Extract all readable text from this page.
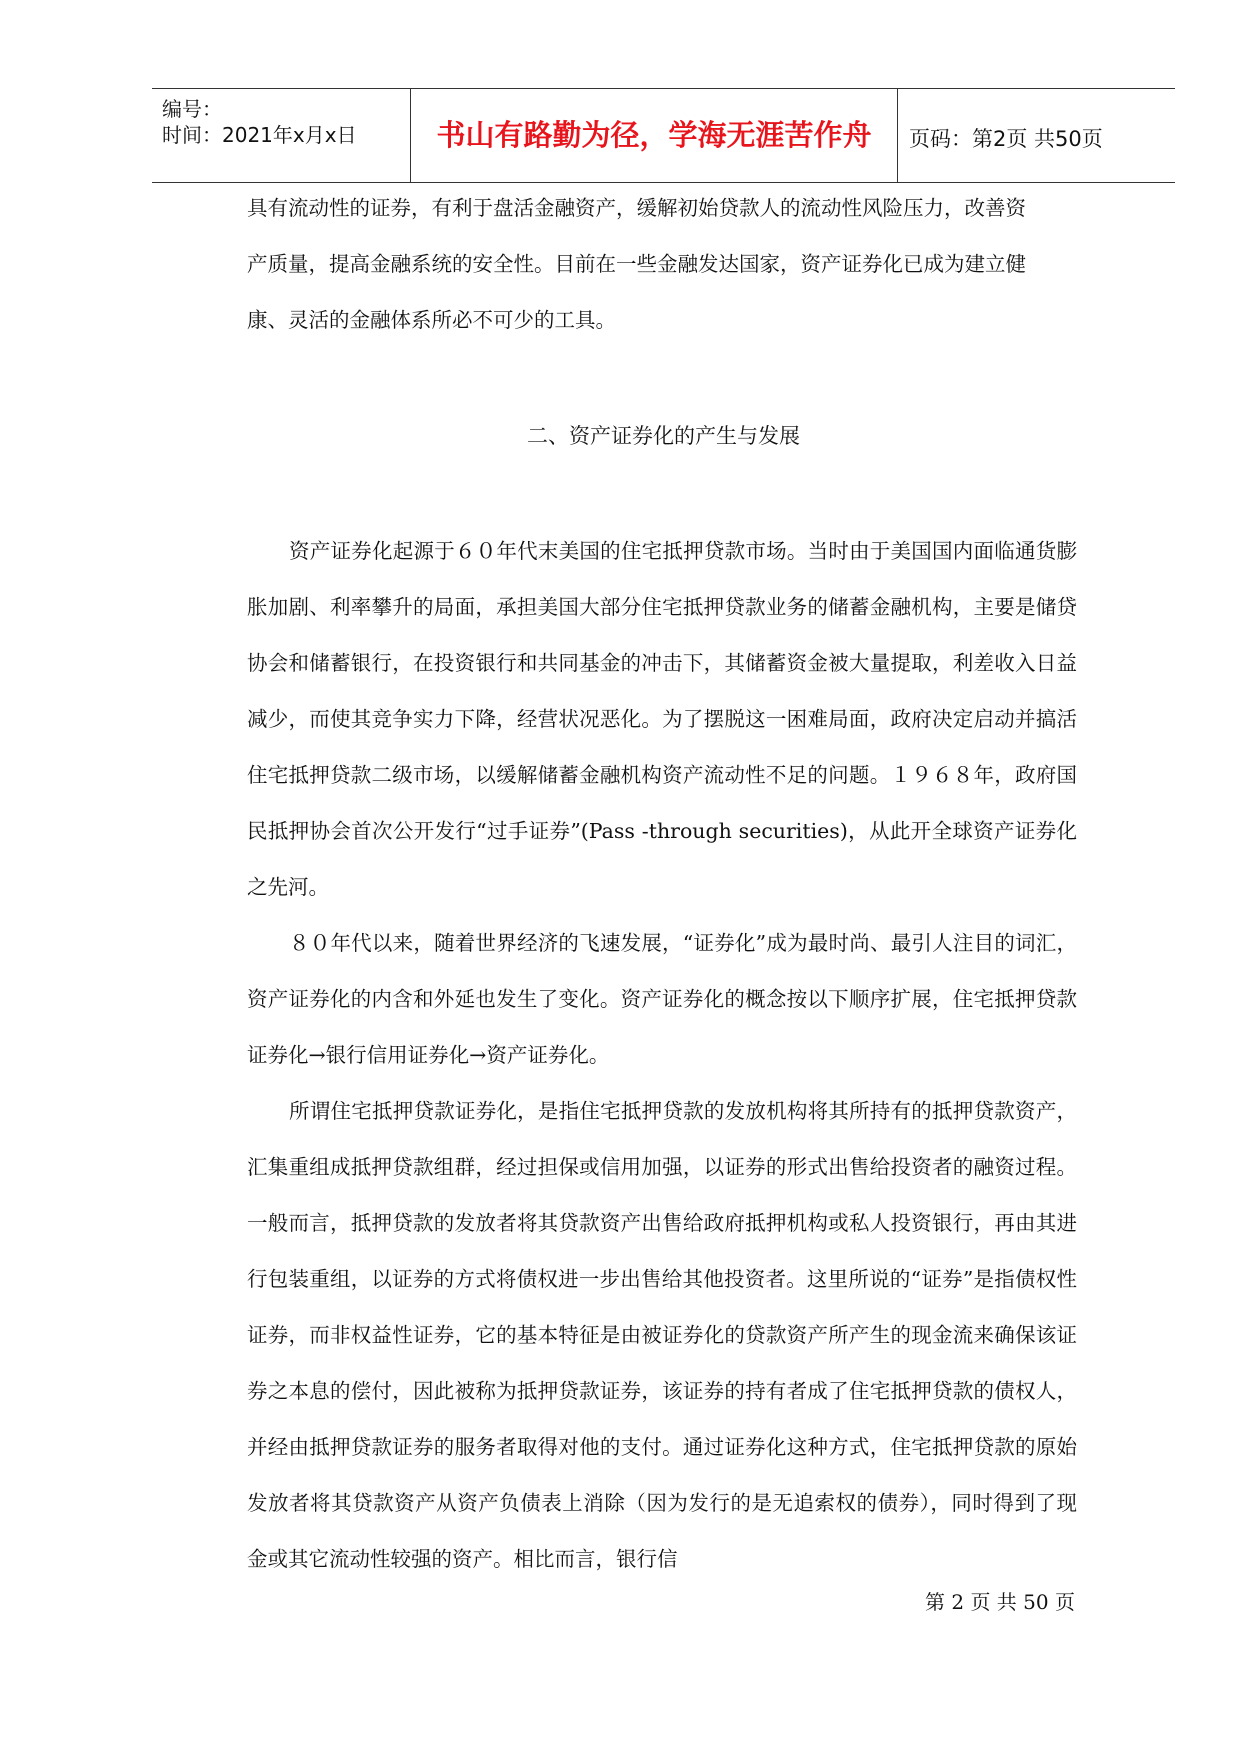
编号：
时间：2021年x月x日	书山有路勤为径，学海无涯苦作舟	页码：第2页 共50页

具有流动性的证券，有利于盘活金融资产，缓解初始贷款人的流动性风险压力，改善资

产质量，提高金融系统的安全性。目前在一些金融发达国家，资产证券化已成为建立健

康、灵活的金融体系所必不可少的工具。

二、资产证券化的产生与发展

资产证券化起源于６０年代末美国的住宅抵押贷款市场。当时由于美国国内面临通货膨胀加剧、利率攀升的局面，承担美国大部分住宅抵押贷款业务的储蓄金融机构，主要是储贷协会和储蓄银行，在投资银行和共同基金的冲击下，其储蓄资金被大量提取，利差收入日益减少，而使其竞争实力下降，经营状况恶化。为了摆脱这一困难局面，政府决定启动并搞活住宅抵押贷款二级市场，以缓解储蓄金融机构资产流动性不足的问题。１９６８年，政府国民抵押协会首次公开发行“过手证券”(Pass -through securities)，从此开全球资产证券化之先河。

８０年代以来，随着世界经济的飞速发展，“证券化”成为最时尚、最引人注目的词汇，资产证券化的内含和外延也发生了变化。资产证券化的概念按以下顺序扩展，住宅抵押贷款证券化→银行信用证券化→资产证券化。

所谓住宅抵押贷款证券化，是指住宅抵押贷款的发放机构将其所持有的抵押贷款资产，汇集重组成抵押贷款组群，经过担保或信用加强，以证券的形式出售给投资者的融资过程。一般而言，抵押贷款的发放者将其贷款资产出售给政府抵押机构或私人投资银行，再由其进行包装重组，以证券的方式将债权进一步出售给其他投资者。这里所说的“证券”是指债权性证券，而非权益性证券，它的基本特征是由被证券化的贷款资产所产生的现金流来确保该证券之本息的偿付，因此被称为抵押贷款证券，该证券的持有者成了住宅抵押贷款的债权人，并经由抵押贷款证券的服务者取得对他的支付。通过证券化这种方式，住宅抵押贷款的原始发放者将其贷款资产从资产负债表上消除（因为发行的是无追索权的债券），同时得到了现金或其它流动性较强的资产。相比而言，银行信

第 2 页 共 50 页
